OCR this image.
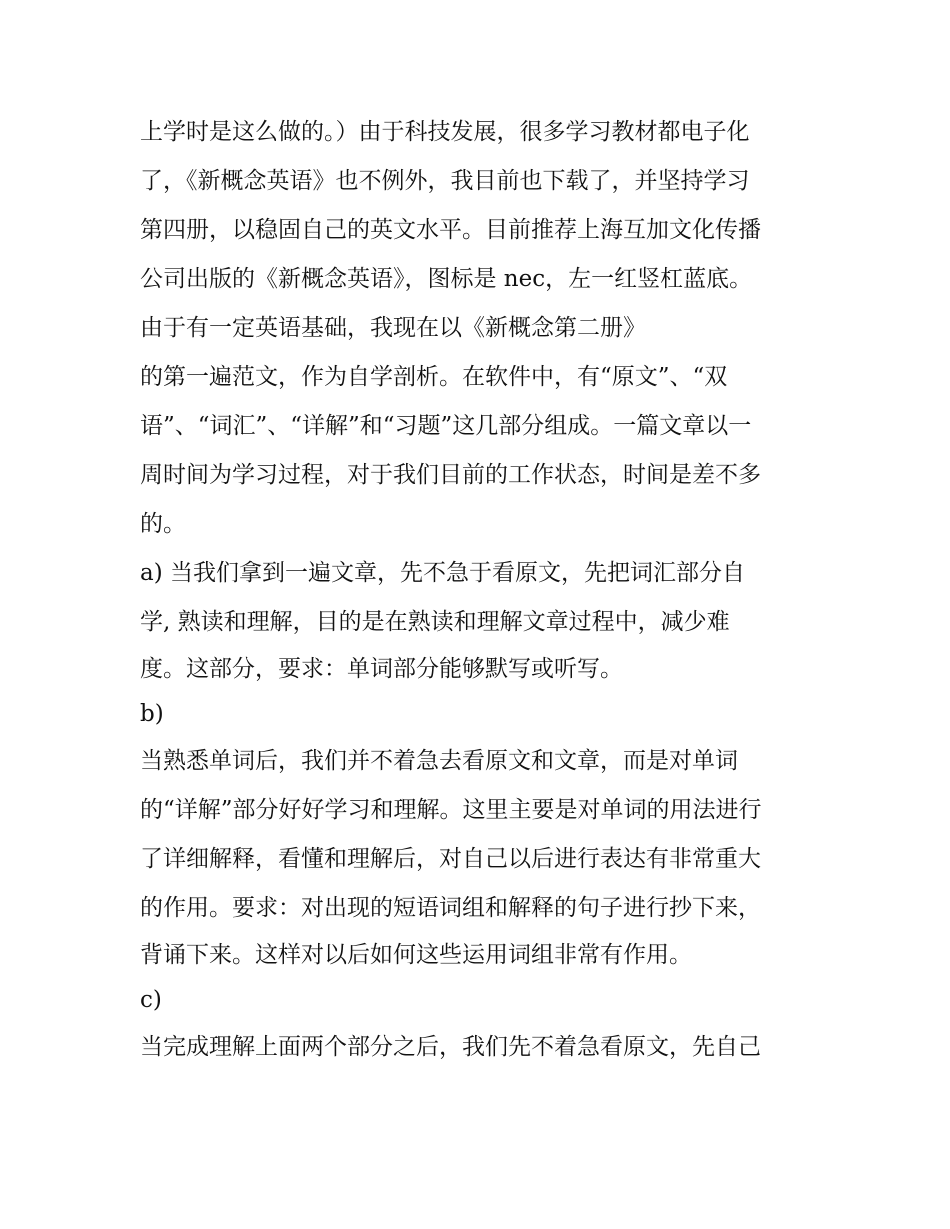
上学时是这么做的。）由于科技发展，很多学习教材都电子化
了，《新概念英语》也不例外，我目前也下载了，并坚持学习
第四册，以稳固自己的英文水平。目前推荐上海互加文化传播
公司出版的《新概念英语》，图标是 nec，左一红竖杠蓝底。
由于有一定英语基础，我现在以《新概念第二册》
的第一遍范文，作为自学剖析。在软件中，有“原文”、“双
语”、“词汇”、“详解”和“习题”这几部分组成。一篇文章以一
周时间为学习过程，对于我们目前的工作状态，时间是差不多
的。
a) 当我们拿到一遍文章，先不急于看原文，先把词汇部分自
学, 熟读和理解，目的是在熟读和理解文章过程中，减少难
度。这部分，要求：单词部分能够默写或听写。
b)
当熟悉单词后，我们并不着急去看原文和文章，而是对单词
的“详解”部分好好学习和理解。这里主要是对单词的用法进行
了详细解释，看懂和理解后，对自己以后进行表达有非常重大
的作用。要求：对出现的短语词组和解释的句子进行抄下来，
背诵下来。这样对以后如何这些运用词组非常有作用。
c)
当完成理解上面两个部分之后，我们先不着急看原文，先自己
